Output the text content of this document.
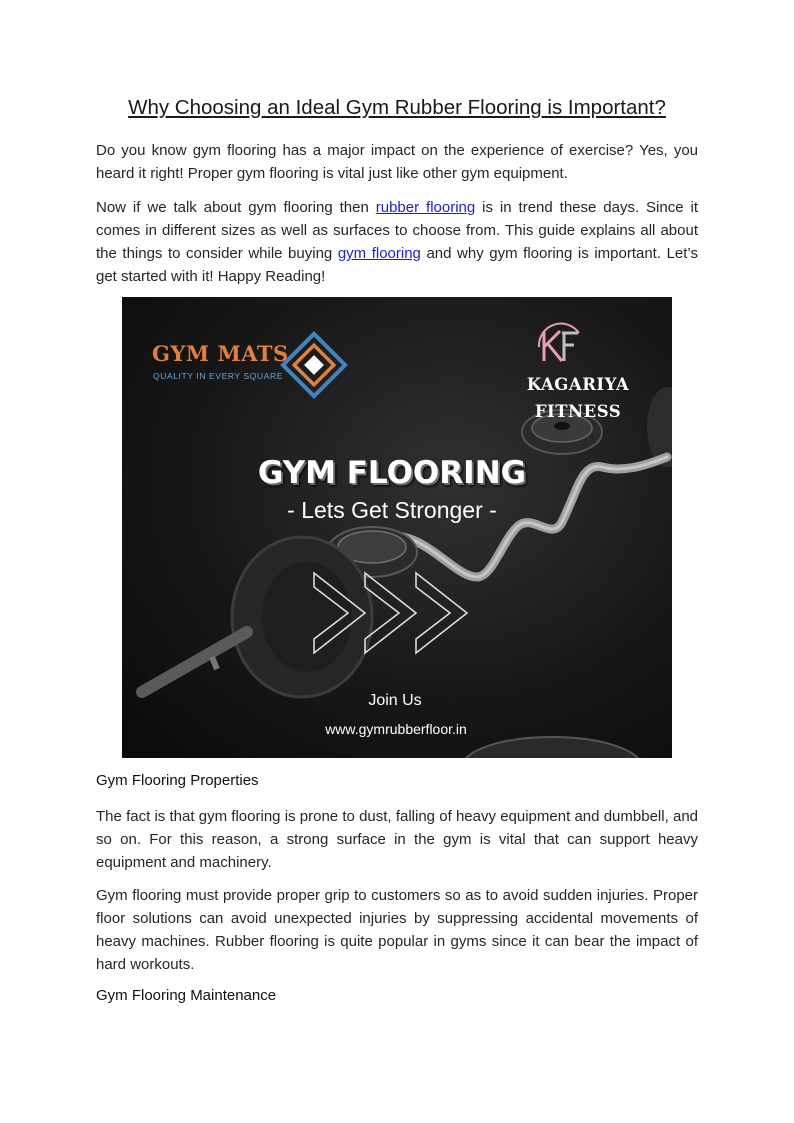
Why Choosing an Ideal Gym Rubber Flooring is Important?

Do you know gym flooring has a major impact on the experience of exercise? Yes, you heard it right! Proper gym flooring is vital just like other gym equipment.

Now if we talk about gym flooring then rubber flooring is in trend these days. Since it comes in different sizes as well as surfaces to choose from. This guide explains all about the things to consider while buying gym flooring and why gym flooring is important. Let’s get started with it! Happy Reading!

GYM MATS
QUALITY IN EVERY SQUARE	KAGARIYA
FITNESS
GYM FLOORING
- Lets Get Stronger -
Join Us
www.gymrubberfloor.in
Gym Flooring Properties

The fact is that gym flooring is prone to dust, falling of heavy equipment and dumbbell, and so on. For this reason, a strong surface in the gym is vital that can support heavy equipment and machinery.

Gym flooring must provide proper grip to customers so as to avoid sudden injuries. Proper floor solutions can avoid unexpected injuries by suppressing accidental movements of heavy machines. Rubber flooring is quite popular in gyms since it can bear the impact of hard workouts.

Gym Flooring Maintenance
